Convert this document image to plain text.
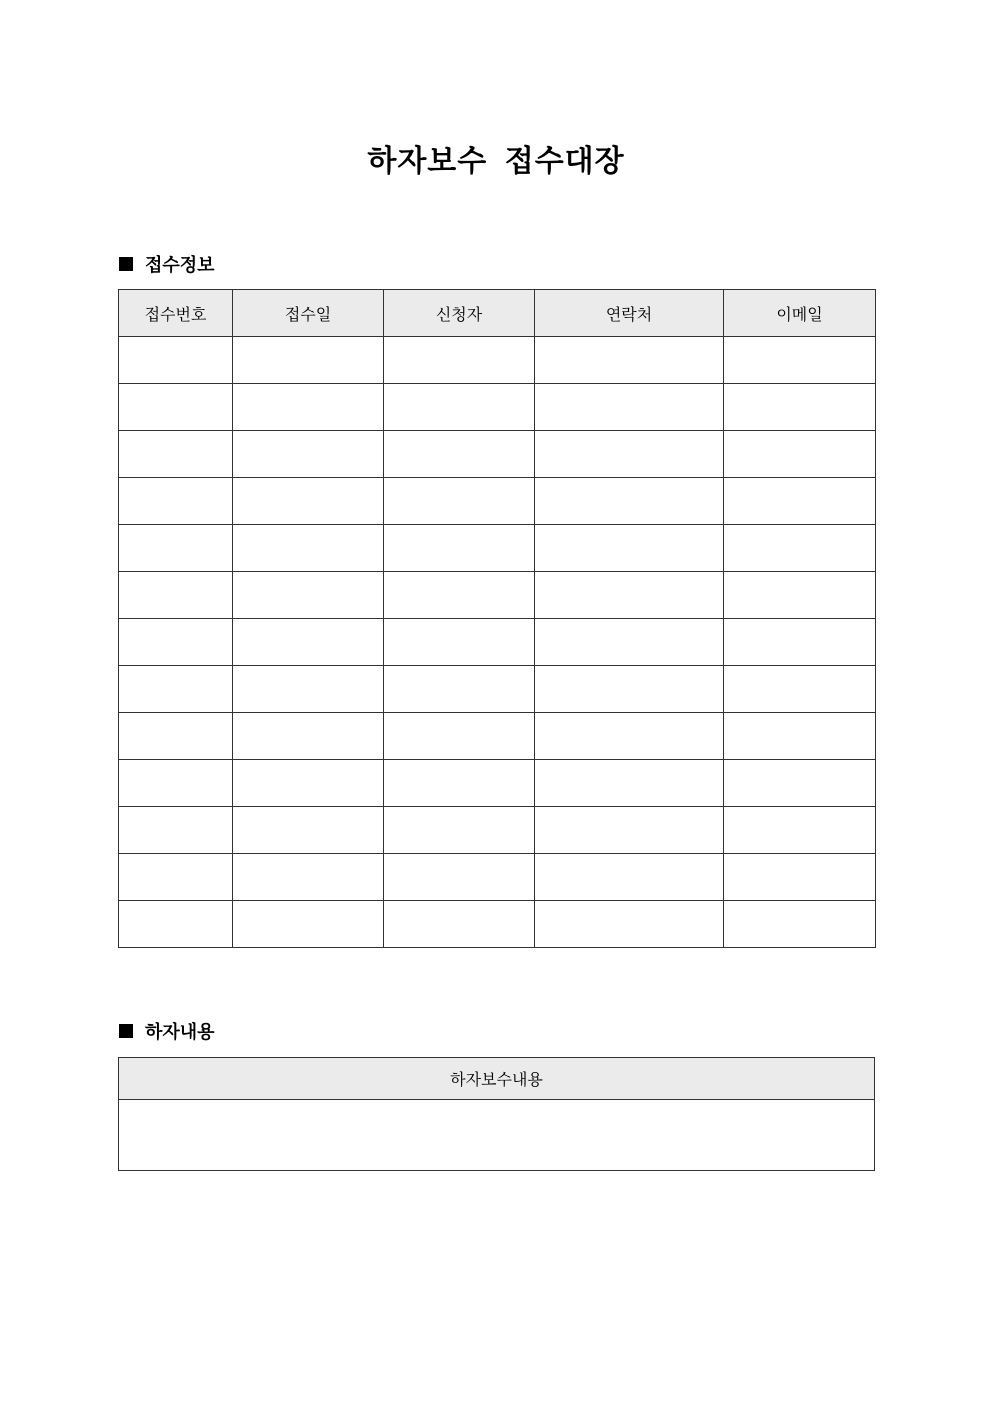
하자보수 접수대장
접수정보
접수번호	접수일	신청자	연락처	이메일

하자내용
하자보수내용
